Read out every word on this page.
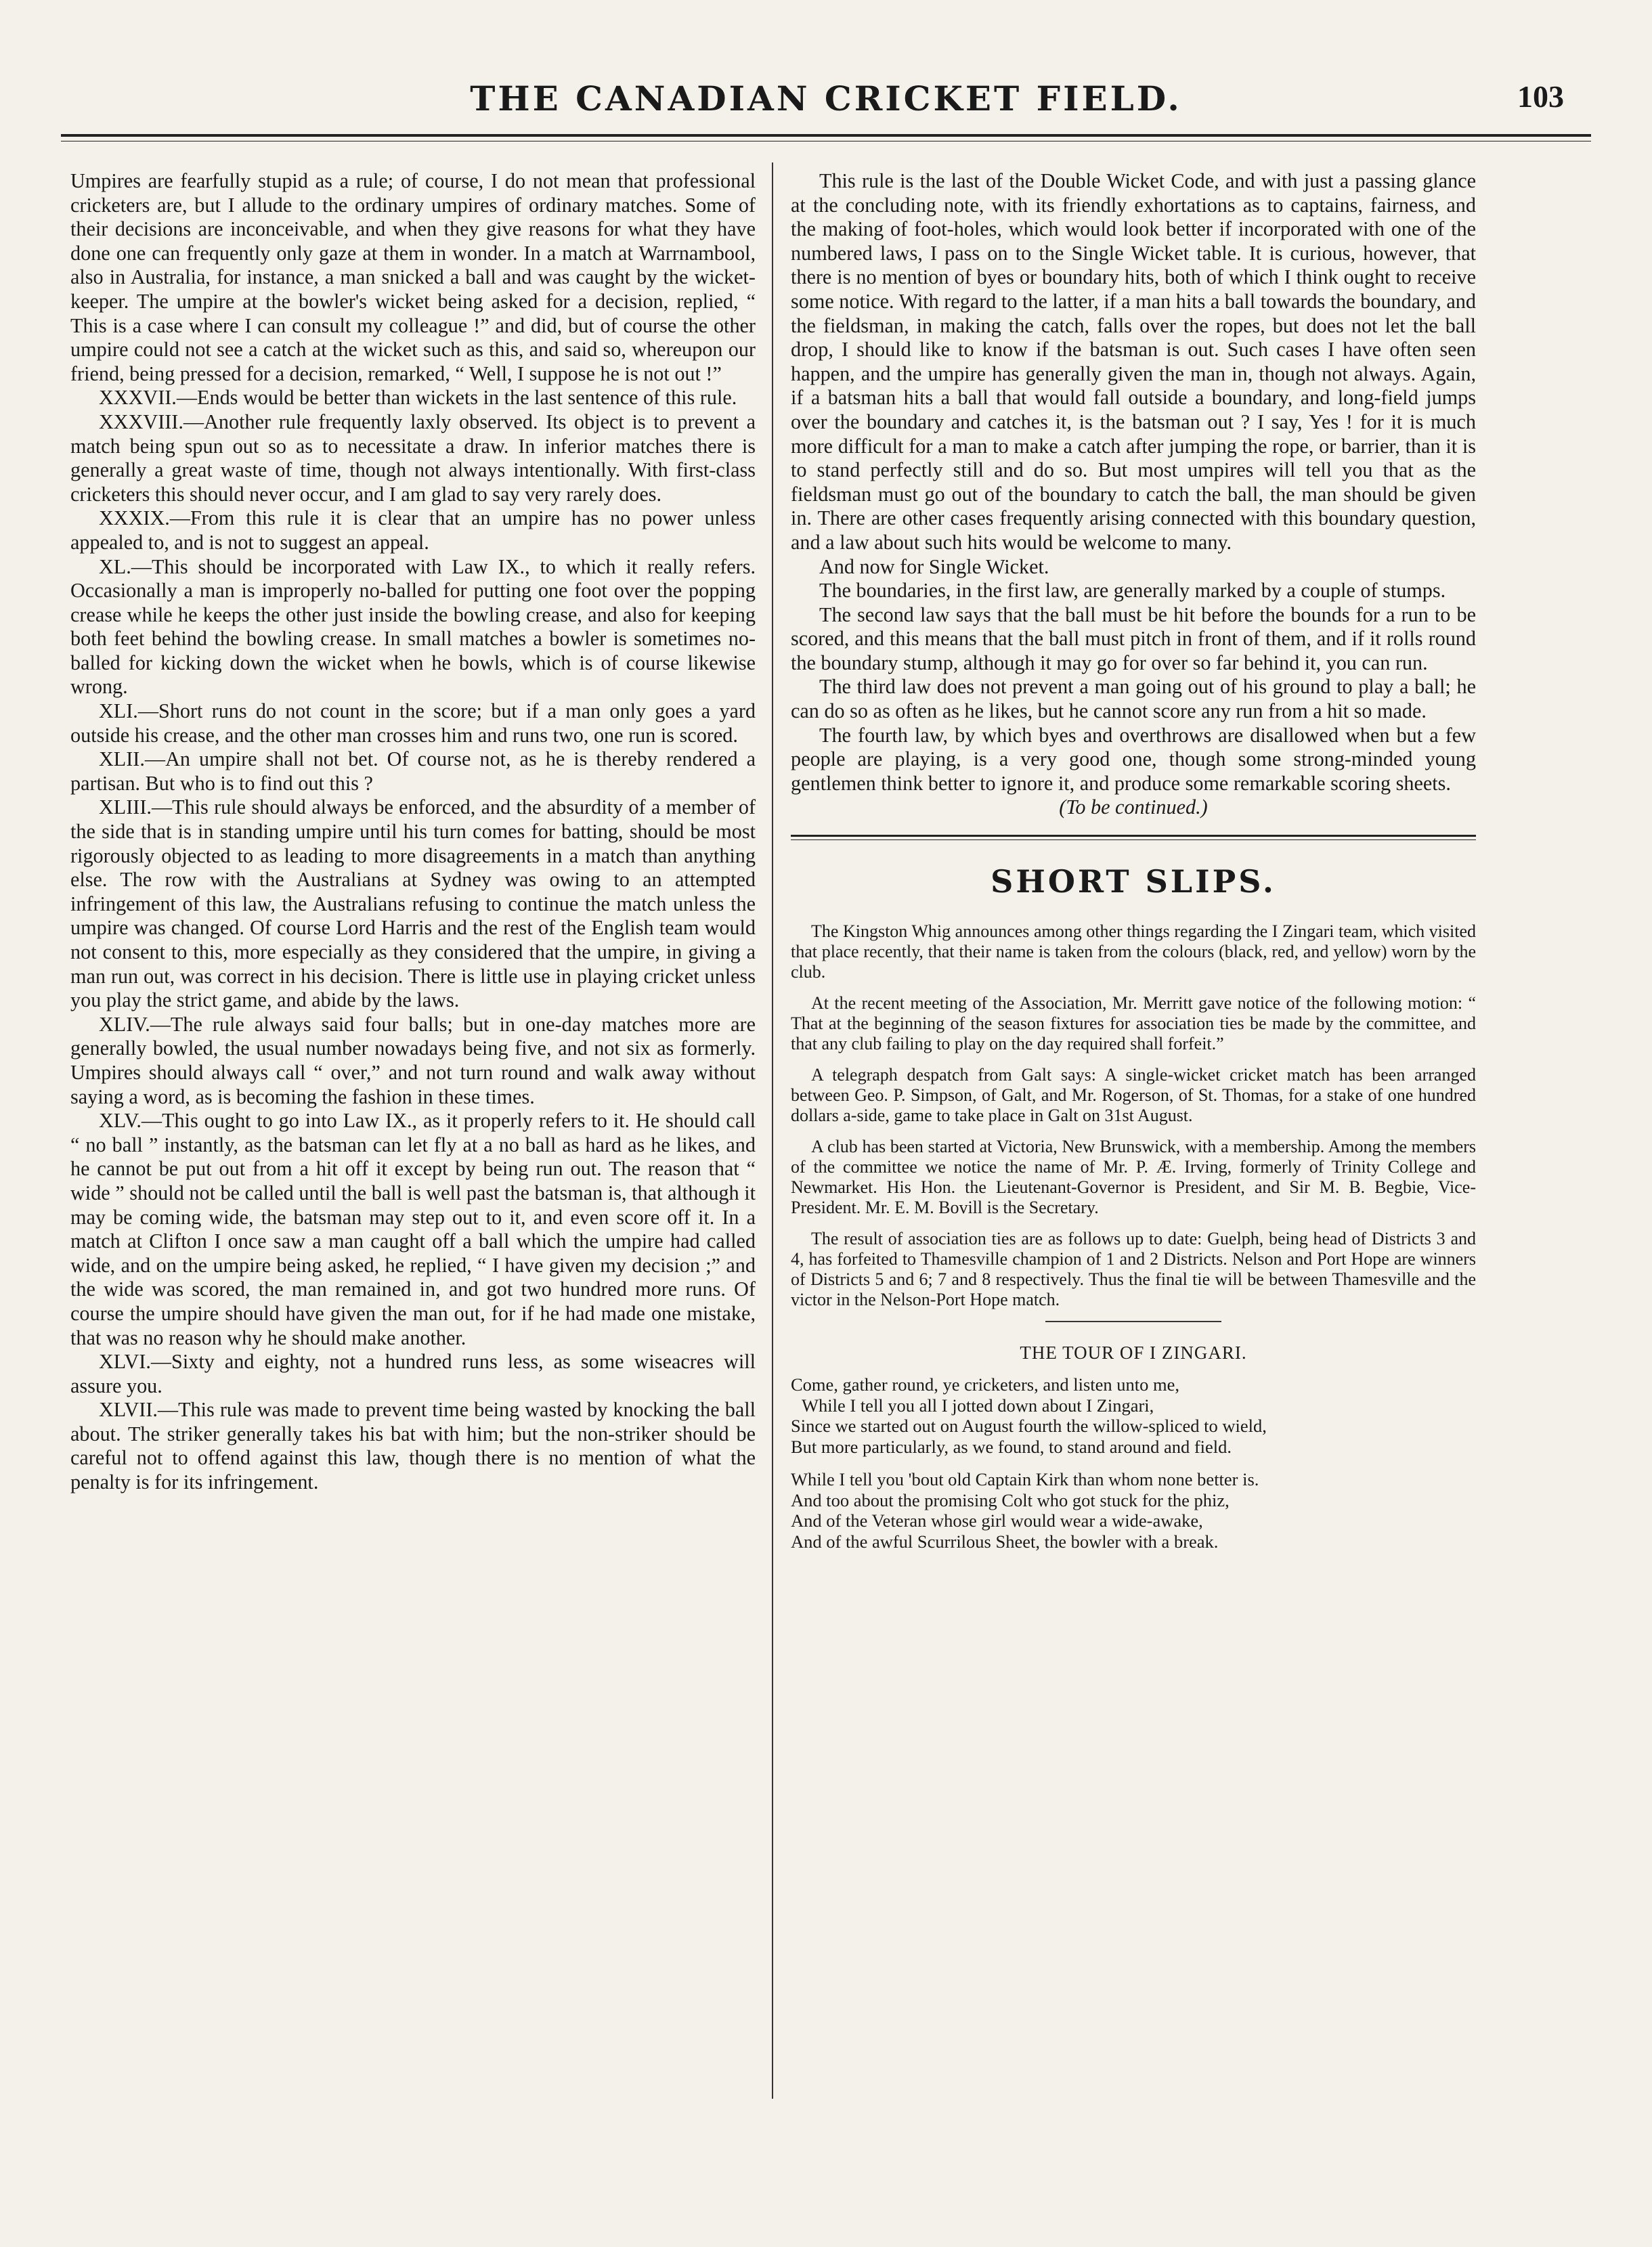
THE CANADIAN CRICKET FIELD.	103

Umpires are fearfully stupid as a rule; of course, I do not mean that professional cricketers are, but I allude to the ordinary umpires of ordinary matches. Some of their decisions are inconceivable, and when they give reasons for what they have done one can frequently only gaze at them in wonder. In a match at Warrnambool, also in Australia, for instance, a man snicked a ball and was caught by the wicket-keeper. The umpire at the bowler's wicket being asked for a decision, replied, “ This is a case where I can consult my colleague !” and did, but of course the other umpire could not see a catch at the wicket such as this, and said so, whereupon our friend, being pressed for a decision, remarked, “ Well, I suppose he is not out !”

XXXVII.—Ends would be better than wickets in the last sentence of this rule.

XXXVIII.—Another rule frequently laxly observed. Its object is to prevent a match being spun out so as to necessitate a draw. In inferior matches there is generally a great waste of time, though not always intentionally. With first-class cricketers this should never occur, and I am glad to say very rarely does.

XXXIX.—From this rule it is clear that an umpire has no power unless appealed to, and is not to suggest an appeal.

XL.—This should be incorporated with Law IX., to which it really refers. Occasionally a man is improperly no-balled for putting one foot over the popping crease while he keeps the other just inside the bowling crease, and also for keeping both feet behind the bowling crease. In small matches a bowler is sometimes no-balled for kicking down the wicket when he bowls, which is of course likewise wrong.

XLI.—Short runs do not count in the score; but if a man only goes a yard outside his crease, and the other man crosses him and runs two, one run is scored.

XLII.—An umpire shall not bet. Of course not, as he is thereby rendered a partisan. But who is to find out this ?

XLIII.—This rule should always be enforced, and the absurdity of a member of the side that is in standing umpire until his turn comes for batting, should be most rigorously objected to as leading to more disagreements in a match than anything else. The row with the Australians at Sydney was owing to an attempted infringement of this law, the Australians refusing to continue the match unless the umpire was changed. Of course Lord Harris and the rest of the English team would not consent to this, more especially as they considered that the umpire, in giving a man run out, was correct in his decision. There is little use in playing cricket unless you play the strict game, and abide by the laws.

XLIV.—The rule always said four balls; but in one-day matches more are generally bowled, the usual number nowadays being five, and not six as formerly. Umpires should always call “ over,” and not turn round and walk away without saying a word, as is becoming the fashion in these times.

XLV.—This ought to go into Law IX., as it properly refers to it. He should call “ no ball ” instantly, as the batsman can let fly at a no ball as hard as he likes, and he cannot be put out from a hit off it except by being run out. The reason that “ wide ” should not be called until the ball is well past the batsman is, that although it may be coming wide, the batsman may step out to it, and even score off it. In a match at Clifton I once saw a man caught off a ball which the umpire had called wide, and on the umpire being asked, he replied, “ I have given my decision ;” and the wide was scored, the man remained in, and got two hundred more runs. Of course the umpire should have given the man out, for if he had made one mistake, that was no reason why he should make another.

XLVI.—Sixty and eighty, not a hundred runs less, as some wiseacres will assure you.

XLVII.—This rule was made to prevent time being wasted by knocking the ball about. The striker generally takes his bat with him; but the non-striker should be careful not to offend against this law, though there is no mention of what the penalty is for its infringement.

This rule is the last of the Double Wicket Code, and with just a passing glance at the concluding note, with its friendly exhortations as to captains, fairness, and the making of foot-holes, which would look better if incorporated with one of the numbered laws, I pass on to the Single Wicket table. It is curious, however, that there is no mention of byes or boundary hits, both of which I think ought to receive some notice. With regard to the latter, if a man hits a ball towards the boundary, and the fieldsman, in making the catch, falls over the ropes, but does not let the ball drop, I should like to know if the batsman is out. Such cases I have often seen happen, and the umpire has generally given the man in, though not always. Again, if a batsman hits a ball that would fall outside a boundary, and long-field jumps over the boundary and catches it, is the batsman out ? I say, Yes ! for it is much more difficult for a man to make a catch after jumping the rope, or barrier, than it is to stand perfectly still and do so. But most umpires will tell you that as the fieldsman must go out of the boundary to catch the ball, the man should be given in. There are other cases frequently arising connected with this boundary question, and a law about such hits would be welcome to many.

And now for Single Wicket.

The boundaries, in the first law, are generally marked by a couple of stumps.

The second law says that the ball must be hit before the bounds for a run to be scored, and this means that the ball must pitch in front of them, and if it rolls round the boundary stump, although it may go for over so far behind it, you can run.

The third law does not prevent a man going out of his ground to play a ball; he can do so as often as he likes, but he cannot score any run from a hit so made.

The fourth law, by which byes and overthrows are disallowed when but a few people are playing, is a very good one, though some strong-minded young gentlemen think better to ignore it, and produce some remarkable scoring sheets.

(To be continued.)

SHORT SLIPS.

The Kingston Whig announces among other things regarding the I Zingari team, which visited that place recently, that their name is taken from the colours (black, red, and yellow) worn by the club.

At the recent meeting of the Association, Mr. Merritt gave notice of the following motion: “ That at the beginning of the season fixtures for association ties be made by the committee, and that any club failing to play on the day required shall forfeit.”

A telegraph despatch from Galt says: A single-wicket cricket match has been arranged between Geo. P. Simpson, of Galt, and Mr. Rogerson, of St. Thomas, for a stake of one hundred dollars a-side, game to take place in Galt on 31st August.

A club has been started at Victoria, New Brunswick, with a membership. Among the members of the committee we notice the name of Mr. P. Æ. Irving, formerly of Trinity College and Newmarket. His Hon. the Lieutenant-Governor is President, and Sir M. B. Begbie, Vice-President. Mr. E. M. Bovill is the Secretary.

The result of association ties are as follows up to date: Guelph, being head of Districts 3 and 4, has forfeited to Thamesville champion of 1 and 2 Districts. Nelson and Port Hope are winners of Districts 5 and 6; 7 and 8 respectively. Thus the final tie will be between Thamesville and the victor in the Nelson-Port Hope match.

THE TOUR OF I ZINGARI.
Come, gather round, ye cricketers, and listen unto me,
While I tell you all I jotted down about I Zingari,
Since we started out on August fourth the willow-spliced to wield,
But more particularly, as we found, to stand around and field.
While I tell you 'bout old Captain Kirk than whom none better is.
And too about the promising Colt who got stuck for the phiz,
And of the Veteran whose girl would wear a wide-awake,
And of the awful Scurrilous Sheet, the bowler with a break.
